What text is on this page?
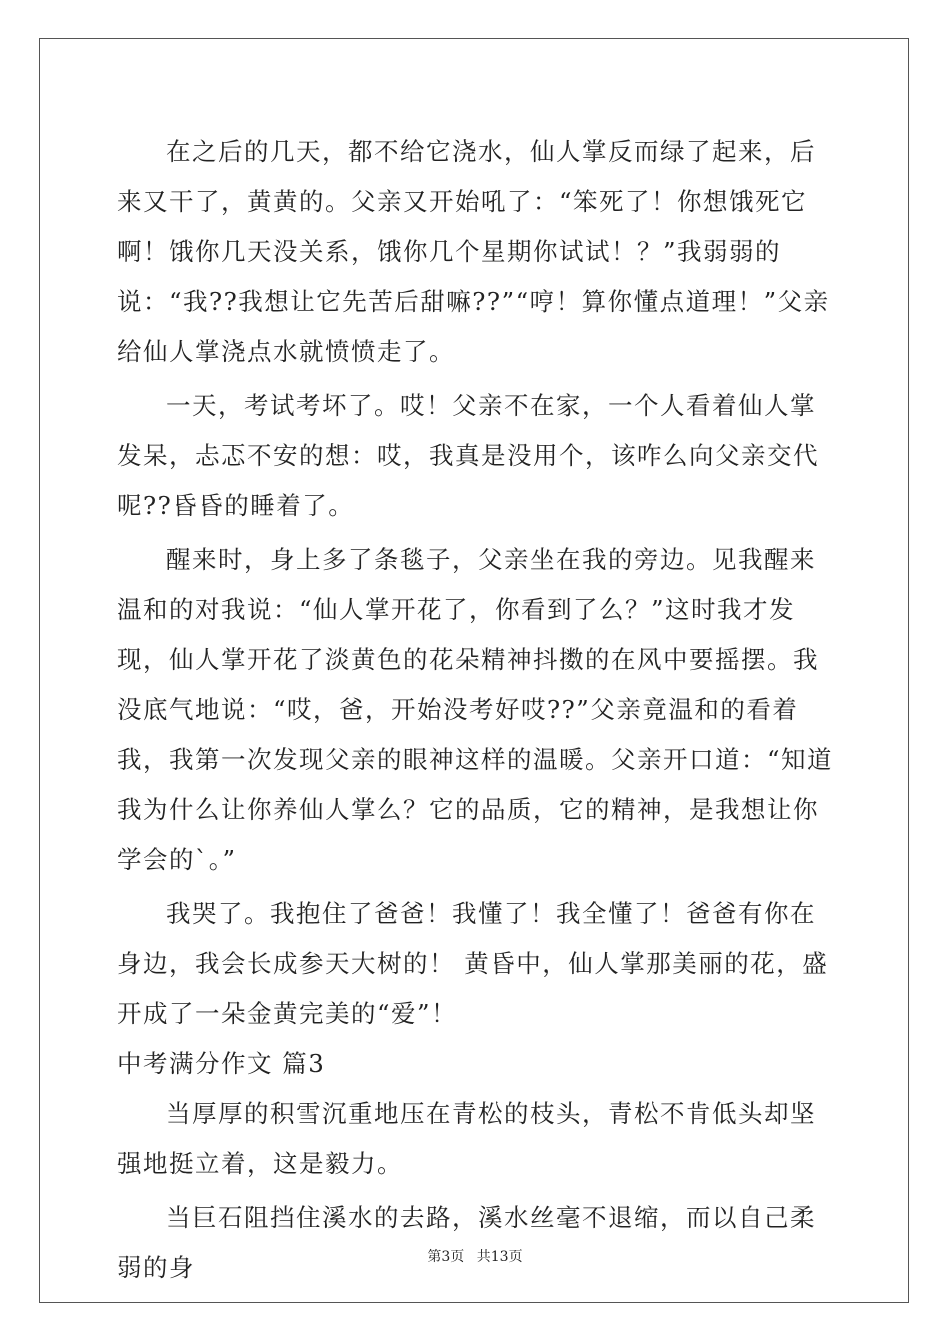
在之后的几天，都不给它浇水，仙人掌反而绿了起来，后来又干了，黄黄的。父亲又开始吼了：“笨死了！你想饿死它啊！饿你几天没关系，饿你几个星期你试试！？”我弱弱的说：“我??我想让它先苦后甜嘛??”“哼！算你懂点道理！”父亲给仙人掌浇点水就愤愤走了。

一天，考试考坏了。哎！父亲不在家，一个人看着仙人掌发呆，忐忑不安的想：哎，我真是没用个，该咋么向父亲交代呢??昏昏的睡着了。

醒来时，身上多了条毯子，父亲坐在我的旁边。见我醒来温和的对我说：“仙人掌开花了，你看到了么？”这时我才发现，仙人掌开花了淡黄色的花朵精神抖擞的在风中要摇摆。我没底气地说：“哎，爸，开始没考好哎??”父亲竟温和的看着我，我第一次发现父亲的眼神这样的温暖。父亲开口道：“知道我为什么让你养仙人掌么？它的品质，它的精神，是我想让你学会的`。”

我哭了。我抱住了爸爸！我懂了！我全懂了！爸爸有你在身边，我会长成参天大树的！ 黄昏中，仙人掌那美丽的花，盛开成了一朵金黄完美的“爱”！

中考满分作文 篇3

当厚厚的积雪沉重地压在青松的枝头，青松不肯低头却坚强地挺立着，这是毅力。

当巨石阻挡住溪水的去路，溪水丝毫不退缩，而以自己柔弱的身	第3页 共13页
